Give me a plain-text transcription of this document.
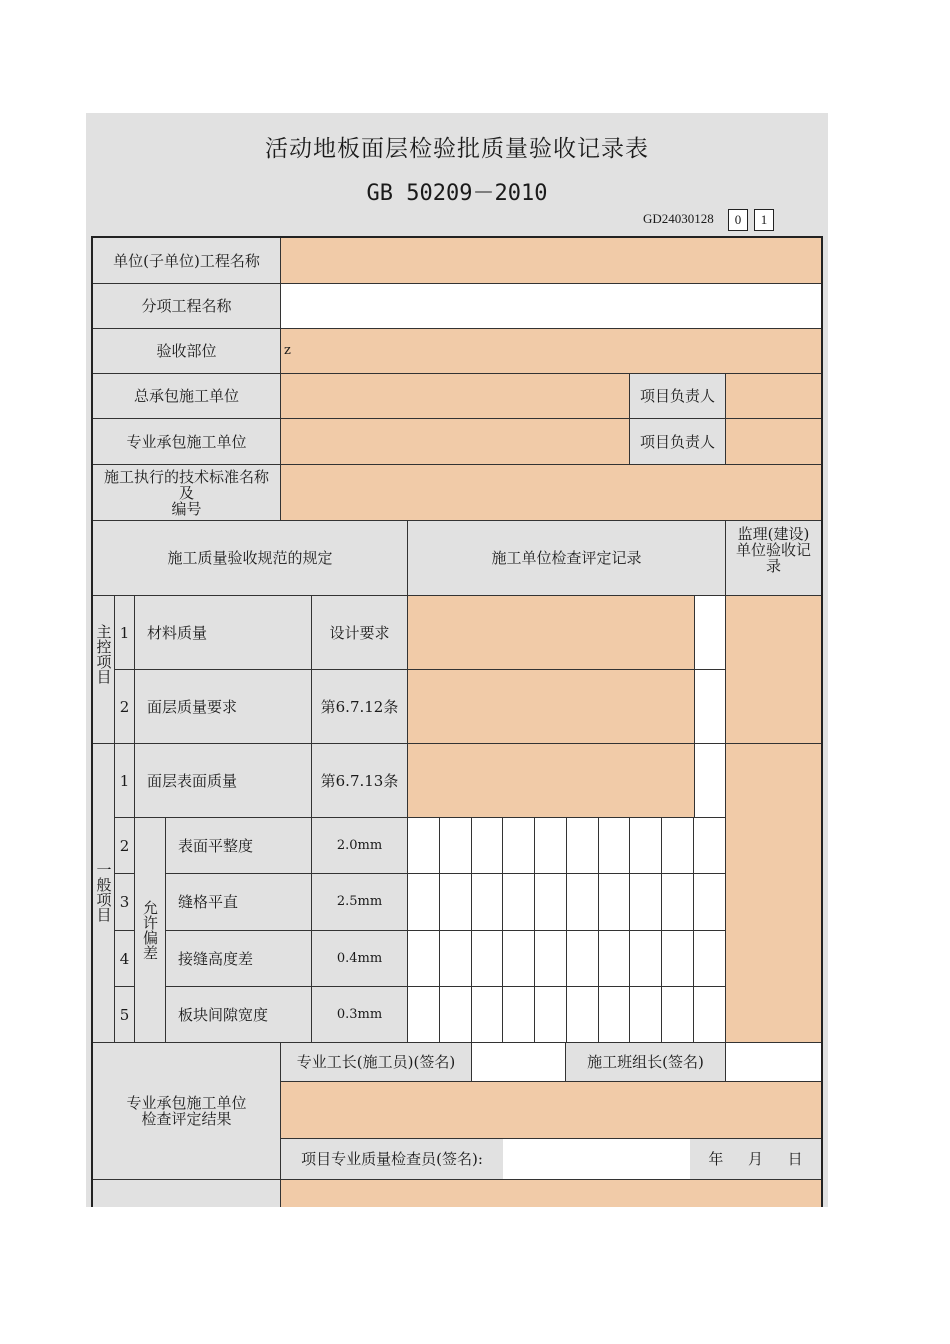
活动地板面层检验批质量验收记录表
GB 50209－2010
GD24030128	0	1
单位(子单位)工程名称
分项工程名称
验收部位	z
总承包施工单位	项目负责人
专业承包施工单位	项目负责人
施工执行的技术标准名称
及
编号
施工质量验收规范的规定	施工单位检查评定记录
监理(建设)
单位验收记
录
主控项目 1	材料质量	设计要求
2	面层质量要求	第6.7.12条
一般项目
1	面层表面质量	第6.7.13条
允许偏差
2	表面平整度	2.0mm
3	缝格平直	2.5mm
4	接缝高度差	0.4mm
5	板块间隙宽度	0.3mm
专业承包施工单位
检查评定结果
专业工长(施工员)(签名)	施工班组长(签名)
项目专业质量检查员(签名):	年 月 日
